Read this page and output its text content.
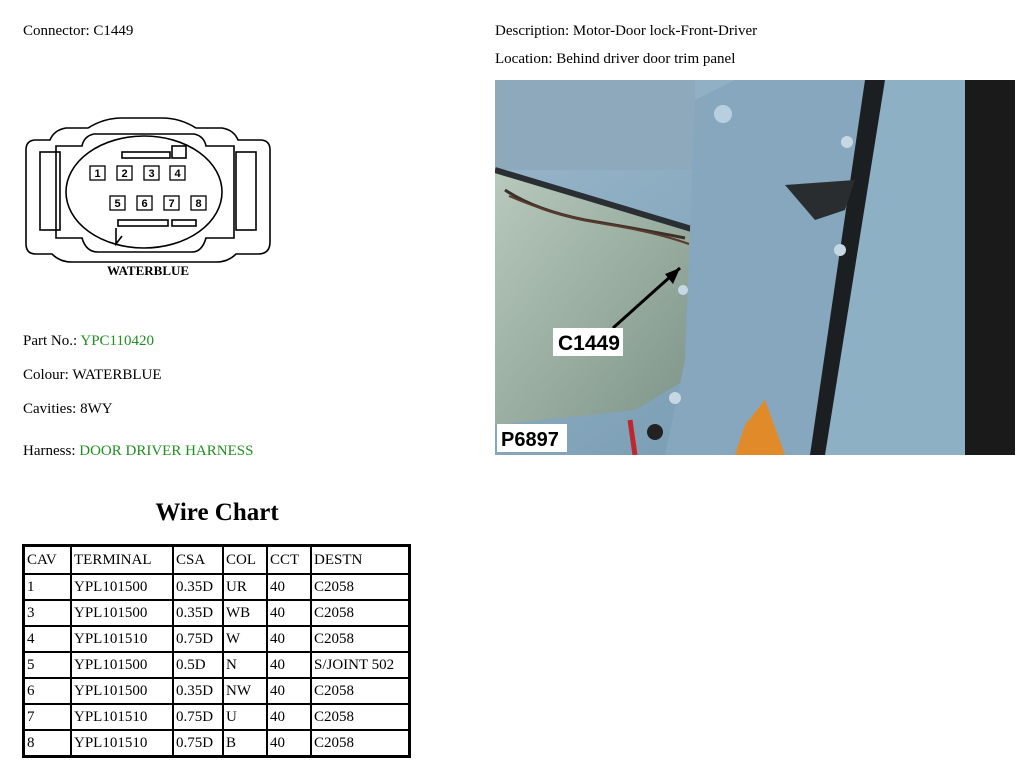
Connector: C1449	Description: Motor-Door lock-Front-Driver
Location: Behind driver door trim panel
1 2 3 4
5 6 7 8
WATERBLUE
C1449
P6897
Part No.: YPC110420
Colour: WATERBLUE
Cavities: 8WY
Harness: DOOR DRIVER HARNESS
Wire Chart
CAV	TERMINAL	CSA	COL	CCT	DESTN
1	YPL101500	0.35D	UR	40	C2058
3	YPL101500	0.35D	WB	40	C2058
4	YPL101510	0.75D	W	40	C2058
5	YPL101500	0.5D	N	40	S/JOINT 502
6	YPL101500	0.35D	NW	40	C2058
7	YPL101510	0.75D	U	40	C2058
8	YPL101510	0.75D	B	40	C2058
